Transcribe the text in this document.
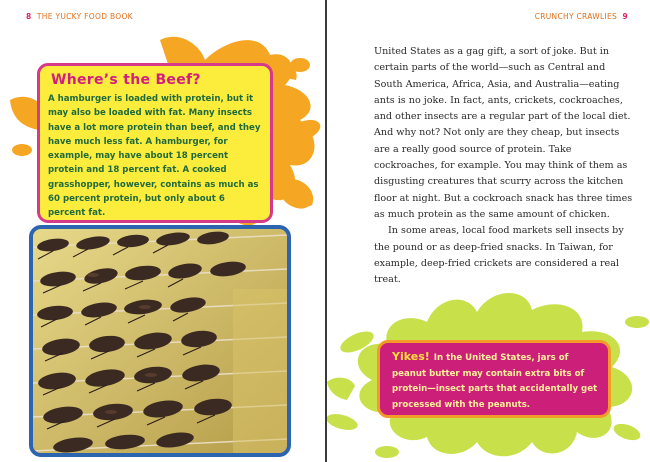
8 THE YUCKY FOOD BOOK
Where’s the Beef?

A hamburger is loaded with protein, but it may also be loaded with fat. Many insects have a lot more protein than beef, and they have much less fat. A hamburger, for example, may have about 18 percent protein and 18 percent fat. A cooked grasshopper, however, contains as much as 60 percent protein, but only about 6 percent fat.

CRUNCHY CRAWLIES 9

United States as a gag gift, a sort of joke. But in certain parts of the world—such as Central and South America, Africa, Asia, and Australia—eating ants is no joke. In fact, ants, crickets, cockroaches, and other insects are a regular part of the local diet. And why not? Not only are they cheap, but insects are a really good source of protein. Take cockroaches, for example. You may think of them as disgusting creatures that scurry across the kitchen floor at night. But a cockroach snack has three times as much protein as the same amount of chicken.

In some areas, local food markets sell insects by the pound or as deep-fried snacks. In Taiwan, for example, deep-fried crickets are considered a real treat.

Yikes! In the United States, jars of peanut butter may contain extra bits of protein—insect parts that accidentally get processed with the peanuts.
